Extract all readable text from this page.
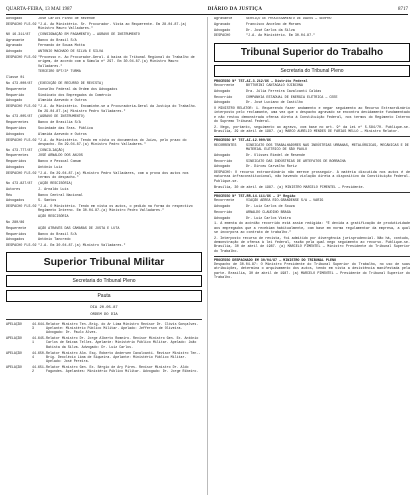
QUARTA-FEIRA, 13 MAI 1987	DIÁRIO DA JUSTIÇA	8717
Advogado	José Carlos Pinho de Rezende
DESPACHO FLS.02 "J.A. Ao Ministério. Sr. Procurador. Vista ao Requerente. Em 28.04.87.(a) Ministro Mauro Valladares."
NO 16.311/87	(CONSIGNAÇÃO EM PAGAMENTO) — AGRAVO DE INSTRUMENTO
Agravante	Banco do Brasil S/A
Agravado	Fernando de Souza Motta
Advogado	ANTONIO MACHADO DE SILVA E SILVA
DESPACHO FLS.02 "Processo n. Ao Procurador-Geral. A baixa do Tribunal Regional do Trabalho de origem, de acordo com a Súmula nº 297. Em 30.04.87.(a) Ministro Mauro Valladares."
TERCEIRO SPT/3ª TURMA
Classe 01
No 473.000/87	(EXECUÇÃO DE RECURSO DE REVISTA)
Requerente	Conselho Federal da Ordem dos Advogados
Requerido	Sindicato dos Empregados do Comércio
Advogado	Almeida Azevedo e Outros
DESPACHO FLS.02 "J.A. Ao Ministério. Encaminhe-se a Procuradoria-Geral da Justiça do Trabalho. Em 29.04.87.(a) Ministro Pedro Valladares."
No 473.005/87	(AGRAVO DE INSTRUMENTO)
Requerentes	Banco de Brasília S/A
Requeridos	Sociedade das Sras. Pública
Advogados	Almeida Azevedo e Outros
DESPACHO FLS.02 "J.A. Ao Ministério. Tendo em vista os documentos do Juízo, pelo prazo do despacho. Em 29.04.87.(a) Ministro Pedro Valladares."
No 473.777/87	(CONCILIAÇÃO)
Requerentes	JOSÉ ARNALDO DOS ANJOS
Requeridos	Banco e Pessoal Comum
Advogados	Antônio Luiz
DESPACHO FLS.02 "J.A. Em 29.04.87.(a) Ministro Pedro Valladares, com a prova dos autos nos termos do despacho."
No 473.827/87	(AÇÃO RESCISÓRIA)
Autores	J. Arnaldo Luís
Réu	Banco Central Nacional
Advogados	S. Santos
DESPACHO FLS.02 "J.A. O Ministério. Tendo em vista os autos, o pedido na forma do respectivo Regimento Interno. Em 30.04.87.(a) Ministro Pedro Valladares."
AÇÃO RESCISÓRIA
No 280/86
Requerente	AÇÃO ATRAVÉS DAS CÂMARAS DE JUSTA E LUTA
Requeridos	Banco do Brasil S/A
Advogados	Antônio Tancredo
DESPACHO FLS.02 "J.A. Em 30.04.87.(a) Ministro Valladares."
Superior Tribunal Militar
Secretaria do Tribunal Pleno
Pauta
DIA 20.05.87
ORDEM DO DIA
APELAÇÃO	44.644-3
Relator Ministro Ten.-Brig. do Ar Lima Ministro Revisor Dr. Clóvis Gonçalves. Apelante: Ministério Público Militar. Apelado: Jefferson de Oliveira. Advogado: Dr. Paulo Alves.
APELAÇÃO	44.645-1
Relator Ministro Dr. Jorge Alberto Romeiro. Revisor Ministro Gen. Ex. Antônio Carlos de Seixas Telles. Apelante: Ministério Público Militar. Apelado: João Batista da Silva. Advogado: Dr. Luiz Carlos.
APELAÇÃO	44.650-4
Relator Ministro Alm. Esq. Roberto Andersen Cavalcanti. Revisor Ministro Ten.-Brig. Deoclécio Lima de Siqueira. Apelante: Ministério Público Militar. Apelado: José Pereira.
APELAÇÃO	44.651-2
Relator Ministro Gen. Ex. Sérgio de Ary Pires. Revisor Ministro Dr. Aldo Fagundes. Apelantes: Ministério Público Militar. Advogado: Dr. Jorge Ribeiro.
Agravante	SERVIÇO DE PROCESSAMENTO DE DADOS — SERPRO
Agravado	Francisco Ancelmo de Moraes
Advogado	Dr. José Carlos da Silva
DESPACHO	"J.A. Ao Ministério. Em 30.04.87."
Tribunal Superior do Trabalho
Secretaria do Tribunal Pleno
PROCESSO Nº TST-AI-3.212/86 — Distrito Federal
Recorrente	BOTTURINI CANTAGALO OJIBCONA
Advogado	Dra. Júlia Ferreira Cavalcanti Caldas
Recorrido	COMPANHIA ESTADUAL DE ENERGIA ELÉTRICA — CEEE
Advogado	Dr. José Luciano de Castilho

O MINISTRO RELATOR: 1. Requerendo fazer andamento e negar seguimento ao Recurso Extraordinário interposto pelo reclamante, uma vez que o despacho agravado se encontra devidamente fundamentado e não restou demonstrada ofensa direta à Constituição Federal, nos termos do Regimento Interno do Supremo Tribunal Federal.

2. Nego, portanto, seguimento ao agravo, com base no art. 9º da Lei nº 5.584/70. Publique-se. Brasília, 29 de abril de 1987. (a) MARCO AURÉLIO MENDES DE FARIAS MELLO — Ministro Relator.

PROCESSO Nº TST-AI-12.009/86
RECORRENTES	SINDICATO DOS TRABALHADORES NAS INDÚSTRIAS URBANAS, METALÚRGICAS, MECÂNICAS E DE MATERIAL ELÉTRICO DE SÃO PAULO
Advogado	Dr. Ulisses Riedel de Resende
Recorrido	SINDICATO DAS INDÚSTRIAS DE ARTEFATOS DE BORRACHA
Advogado	Dr. Dirceu Carvalho Roriz

DESPACHO: O recurso extraordinário não merece prosseguir. A matéria discutida nos autos é de natureza infraconstitucional, não havendo violação direta a dispositivo da Constituição Federal. Publique-se.

Brasília, 30 de abril de 1987. (a) MINISTRO MARCELO PIMENTEL — Presidente.

PROCESSO Nº TST-RR-14.111/86 — 3ª Região
Recorrente	VIAÇÃO AÉREA RIO-GRANDENSE S/A — VARIG
Advogado	Dr. Luiz Carlos de Souza
Recorrido	ARNALDO CLAUDINO BRAGA
Advogado	Dr. Luiz Carlos Vieira

1. A ementa do acórdão recorrido está assim redigida: "É devida a gratificação de produtividade aos empregados que a recebiam habitualmente, com base em norma regulamentar da empresa, a qual se incorpora ao contrato de trabalho."

2. Interposto recurso de revista, foi admitido por divergência jurisprudencial. Não há, contudo, demonstração de ofensa à lei federal, razão pela qual nego seguimento ao recurso. Publique-se. Brasília, 30 de abril de 1987. (a) MARCELO PIMENTEL — Ministro Presidente do Tribunal Superior do Trabalho.

PROCESSO DESPACHADO EM 30/04/87 — MINISTRO DO TRIBUNAL PLENO

Despacho de 30.04.87: O Ministro Presidente do Tribunal Superior do Trabalho, no uso de suas atribuições, determina o arquivamento dos autos, tendo em vista a desistência manifestada pela parte. Brasília, 30 de abril de 1987. (a) MARCELO PIMENTEL — Presidente do Tribunal Superior do Trabalho.
